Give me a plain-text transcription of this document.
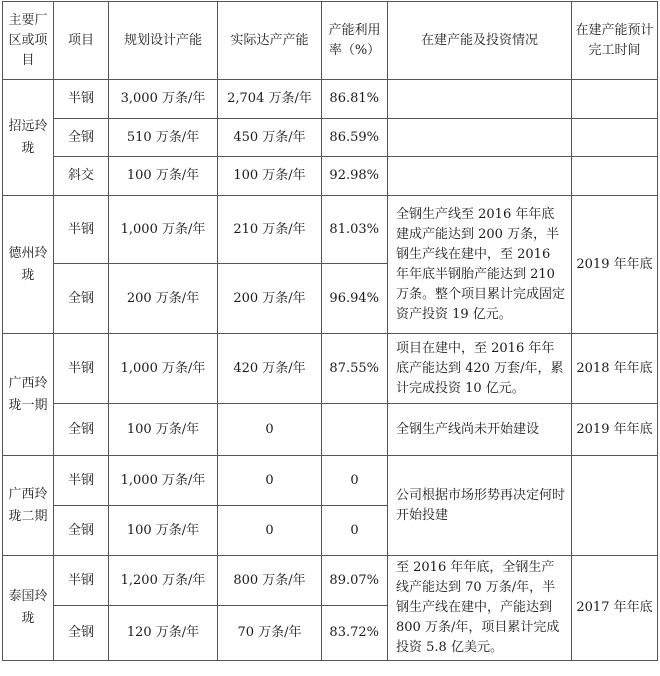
主要厂区或项目	项目	规划设计产能	实际达产产能	产能利用率（%）	在建产能及投资情况	在建产能预计完工时间
招远玲珑	半钢	3,000 万条/年	2,704 万条/年	86.81%		
	全钢	510 万条/年	450 万条/年	86.59%		
	斜交	100 万条/年	100 万条/年	92.98%		
德州玲珑	半钢	1,000 万条/年	210 万条/年	81.03%	全钢生产线至 2016 年年底建成产能达到 200 万条，半钢生产线在建中，至 2016 年年底半钢胎产能达到 210 万条。整个项目累计完成固定资产投资 19 亿元。	2019 年年底
	全钢	200 万条/年	200 万条/年	96.94%		
广西玲珑一期	半钢	1,000 万条/年	420 万条/年	87.55%	项目在建中，至 2016 年年底产能达到 420 万套/年，累计完成投资 10 亿元。	2018 年年底
	全钢	100 万条/年	0		全钢生产线尚未开始建设	2019 年年底
广西玲珑二期	半钢	1,000 万条/年	0	0	公司根据市场形势再决定何时开始投建	
	全钢	100 万条/年	0	0		
泰国玲珑	半钢	1,200 万条/年	800 万条/年	89.07%	至 2016 年年底，全钢生产线产能达到 70 万条/年，半钢生产线在建中，产能达到 800 万条/年，项目累计完成投资 5.8 亿美元。	2017 年年底
	全钢	120 万条/年	70 万条/年	83.72%		
